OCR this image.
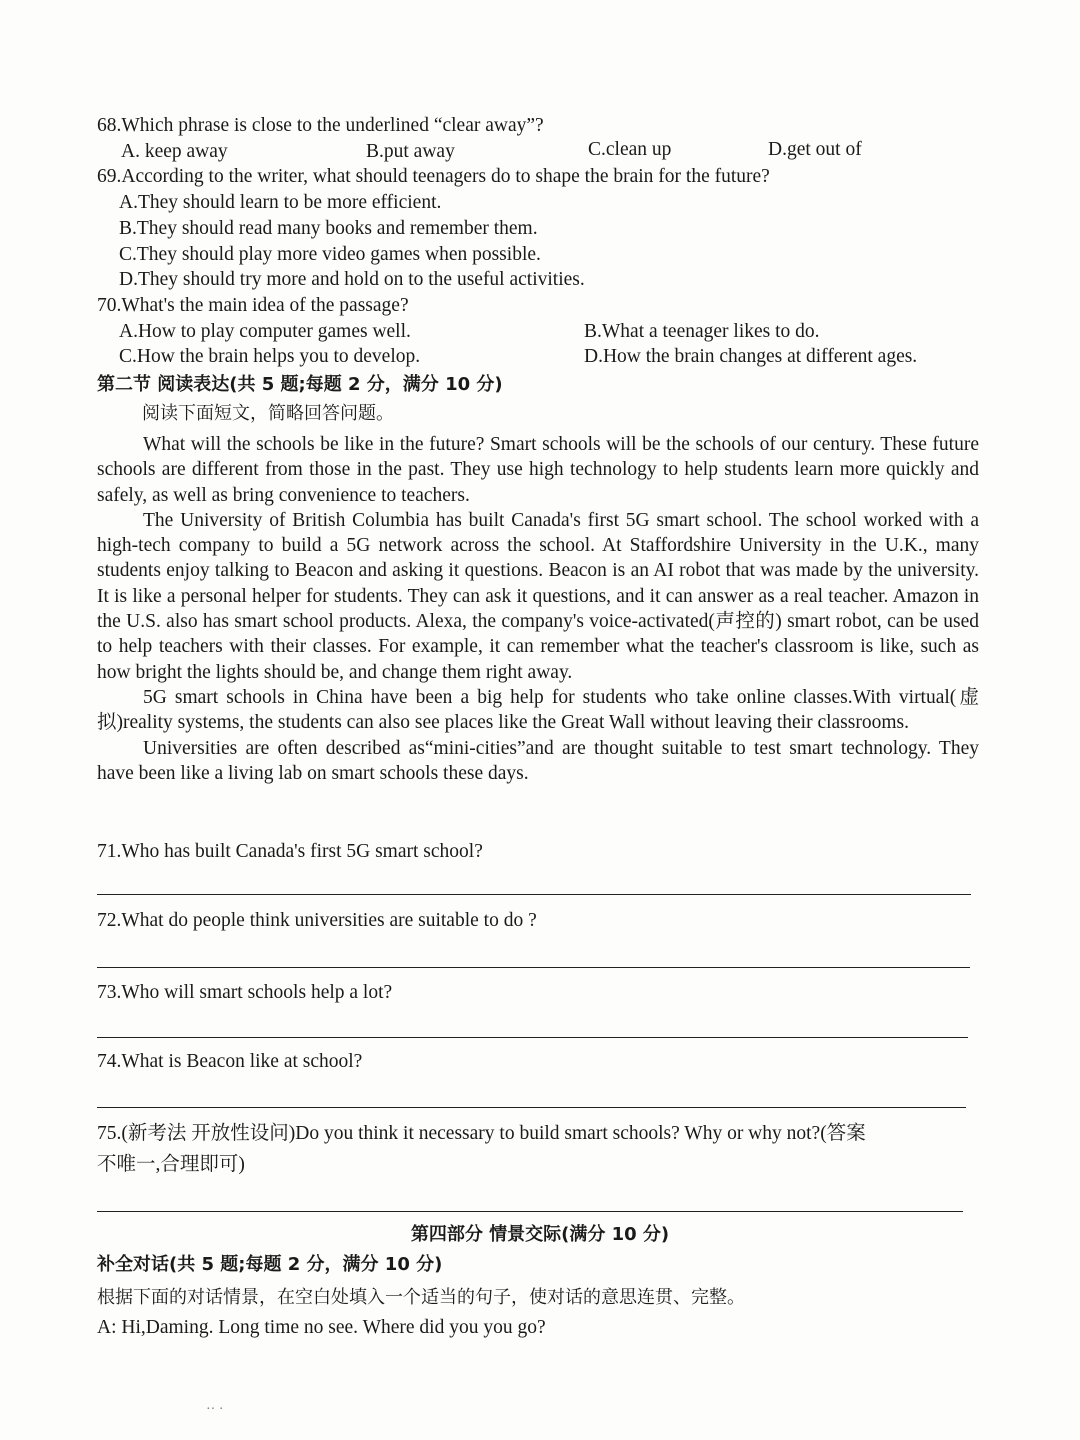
68.Which phrase is close to the underlined “clear away”?
A. keep away	B.put away	C.clean up	D.get out of
69.According to the writer, what should teenagers do to shape the brain for the future?
A.They should learn to be more efficient.
B.They should read many books and remember them.
C.They should play more video games when possible.
D.They should try more and hold on to the useful activities.
70.What's the main idea of the passage?
A.How to play computer games well.	B.What a teenager likes to do.
C.How the brain helps you to develop.	D.How the brain changes at different ages.
第二节 阅读表达(共 5 题;每题 2 分，满分 10 分)
阅读下面短文，简略回答问题。

What will the schools be like in the future? Smart schools will be the schools of our century. These future schools are different from those in the past. They use high technology to help students learn more quickly and safely, as well as bring convenience to teachers.

The University of British Columbia has built Canada's first 5G smart school. The school worked with a high-tech company to build a 5G network across the school. At Staffordshire University in the U.K., many students enjoy talking to Beacon and asking it questions. Beacon is an AI robot that was made by the university. It is like a personal helper for students. They can ask it questions, and it can answer as a real teacher. Amazon in the U.S. also has smart school products. Alexa, the company's voice-activated(声控的) smart robot, can be used to help teachers with their classes. For example, it can remember what the teacher's classroom is like, such as how bright the lights should be, and change them right away.

5G smart schools in China have been a big help for students who take online classes.With virtual(虚拟)reality systems, the students can also see places like the Great Wall without leaving their classrooms.

Universities are often described as“mini-cities”and are thought suitable to test smart technology. They have been like a living lab on smart schools these days.

71.Who has built Canada's first 5G smart school?
72.What do people think universities are suitable to do ?
73.Who will smart schools help a lot?
74.What is Beacon like at school?
75.(新考法 开放性设问)Do you think it necessary to build smart schools? Why or why not?(答案
不唯一,合理即可)
第四部分 情景交际(满分 10 分)
补全对话(共 5 题;每题 2 分，满分 10 分)
根据下面的对话情景，在空白处填入一个适当的句子，使对话的意思连贯、完整。
A: Hi,Daming. Long time no see. Where did you you go?
·· ·
